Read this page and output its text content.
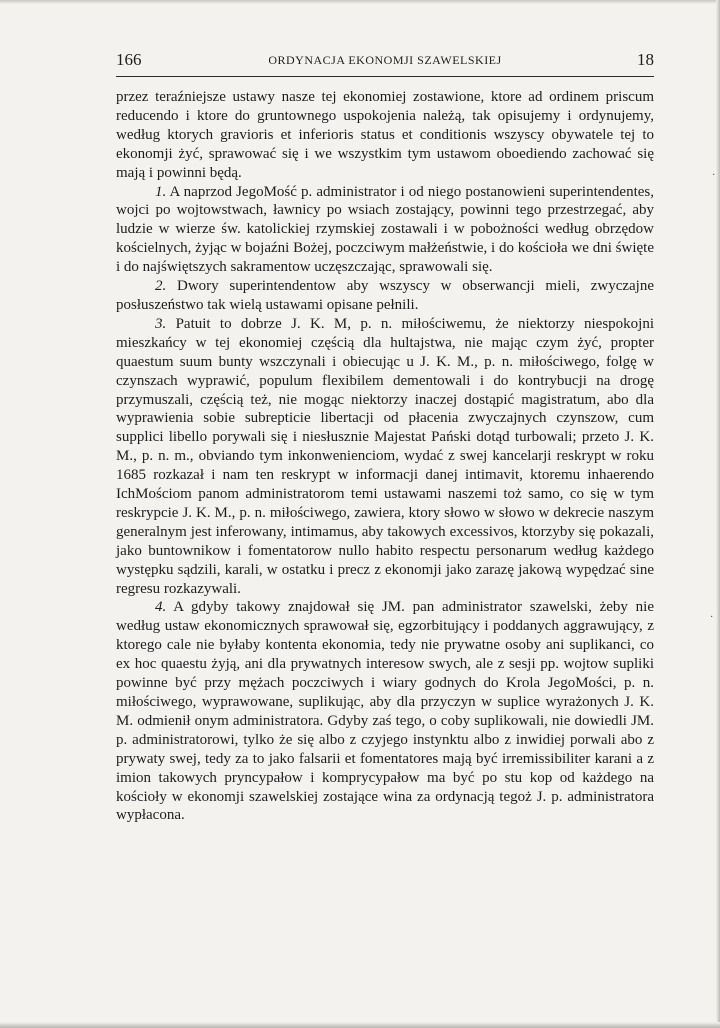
166	ORDYNACJA EKONOMJI SZAWELSKIEJ	18

przez teraźniejsze ustawy nasze tej ekonomiej zostawione, ktore ad ordinem priscum reducendo i ktore do gruntownego uspokojenia należą, tak opisujemy i ordynujemy, według ktorych gravioris et inferioris status et conditionis wszyscy obywatele tej to ekonomji żyć, sprawować się i we wszystkim tym ustawom oboediendo zachować się mają i powinni będą.

1. A naprzod JegoMość p. administrator i od niego postanowieni superintendentes, wojci po wojtowstwach, ławnicy po wsiach zostający, powinni tego przestrzegać, aby ludzie w wierze św. katolickiej rzymskiej zostawali i w pobożności według obrzędow kościelnych, żyjąc w bojaźni Bożej, poczciwym małżeństwie, i do kościoła we dni święte i do najświętszych sakramentow uczęszczając, sprawowali się.

2. Dwory superintendentow aby wszyscy w obserwancji mieli, zwyczajne posłuszeństwo tak wielą ustawami opisane pełnili.

3. Patuit to dobrze J. K. M, p. n. miłościwemu, że niektorzy niespokojni mieszkańcy w tej ekonomiej częścią dla hultajstwa, nie mając czym żyć, propter quaestum suum bunty wszczynali i obiecując u J. K. M., p. n. miłościwego, folgę w czynszach wyprawić, populum flexibilem dementowali i do kontrybucji na drogę przymuszali, częścią też, nie mogąc niektorzy inaczej dostąpić magistratum, abo dla wyprawienia sobie subrepticie libertacji od płacenia zwyczajnych czynszow, cum supplici libello porywali się i niesłusznie Majestat Pański dotąd turbowali; przeto J. K. M., p. n. m., obviando tym inkonwenienciom, wydać z swej kancelarji reskrypt w roku 1685 rozkazał i nam ten reskrypt w informacji danej intimavit, ktoremu inhaerendo IchMościom panom administratorom temi ustawami naszemi toż samo, co się w tym reskrypcie J. K. M., p. n. miłościwego, zawiera, ktory słowo w słowo w dekrecie naszym generalnym jest inferowany, intimamus, aby takowych excessivos, ktorzyby się pokazali, jako buntownikow i fomentatorow nullo habito respectu personarum według każdego występku sądzili, karali, w ostatku i precz z ekonomji jako zarazę jakową wypędzać sine regresu rozkazywali.

4. A gdyby takowy znajdował się JM. pan administrator szawelski, żeby nie według ustaw ekonomicznych sprawował się, egzorbitujący i poddanych aggrawujący, z ktorego cale nie byłaby kontenta ekonomia, tedy nie prywatne osoby ani suplikanci, co ex hoc quaestu żyją, ani dla prywatnych interesow swych, ale z sesji pp. wojtow supliki powinne być przy mężach poczciwych i wiary godnych do Krola JegoMości, p. n. miłościwego, wyprawowane, suplikując, aby dla przyczyn w suplice wyrażonych J. K. M. odmienił onym administratora. Gdyby zaś tego, o coby suplikowali, nie dowiedli JM. p. administratorowi, tylko że się albo z czyjego instynktu albo z inwidiej porwali abo z prywaty swej, tedy za to jako falsarii et fomentatores mają być irremissibiliter karani a z imion takowych pryncypałow i komprycypałow ma być po stu kop od każdego na kościoły w ekonomji szawelskiej zostające wina za ordynacją tegoż J. p. administratora wypłacona.

·
·
